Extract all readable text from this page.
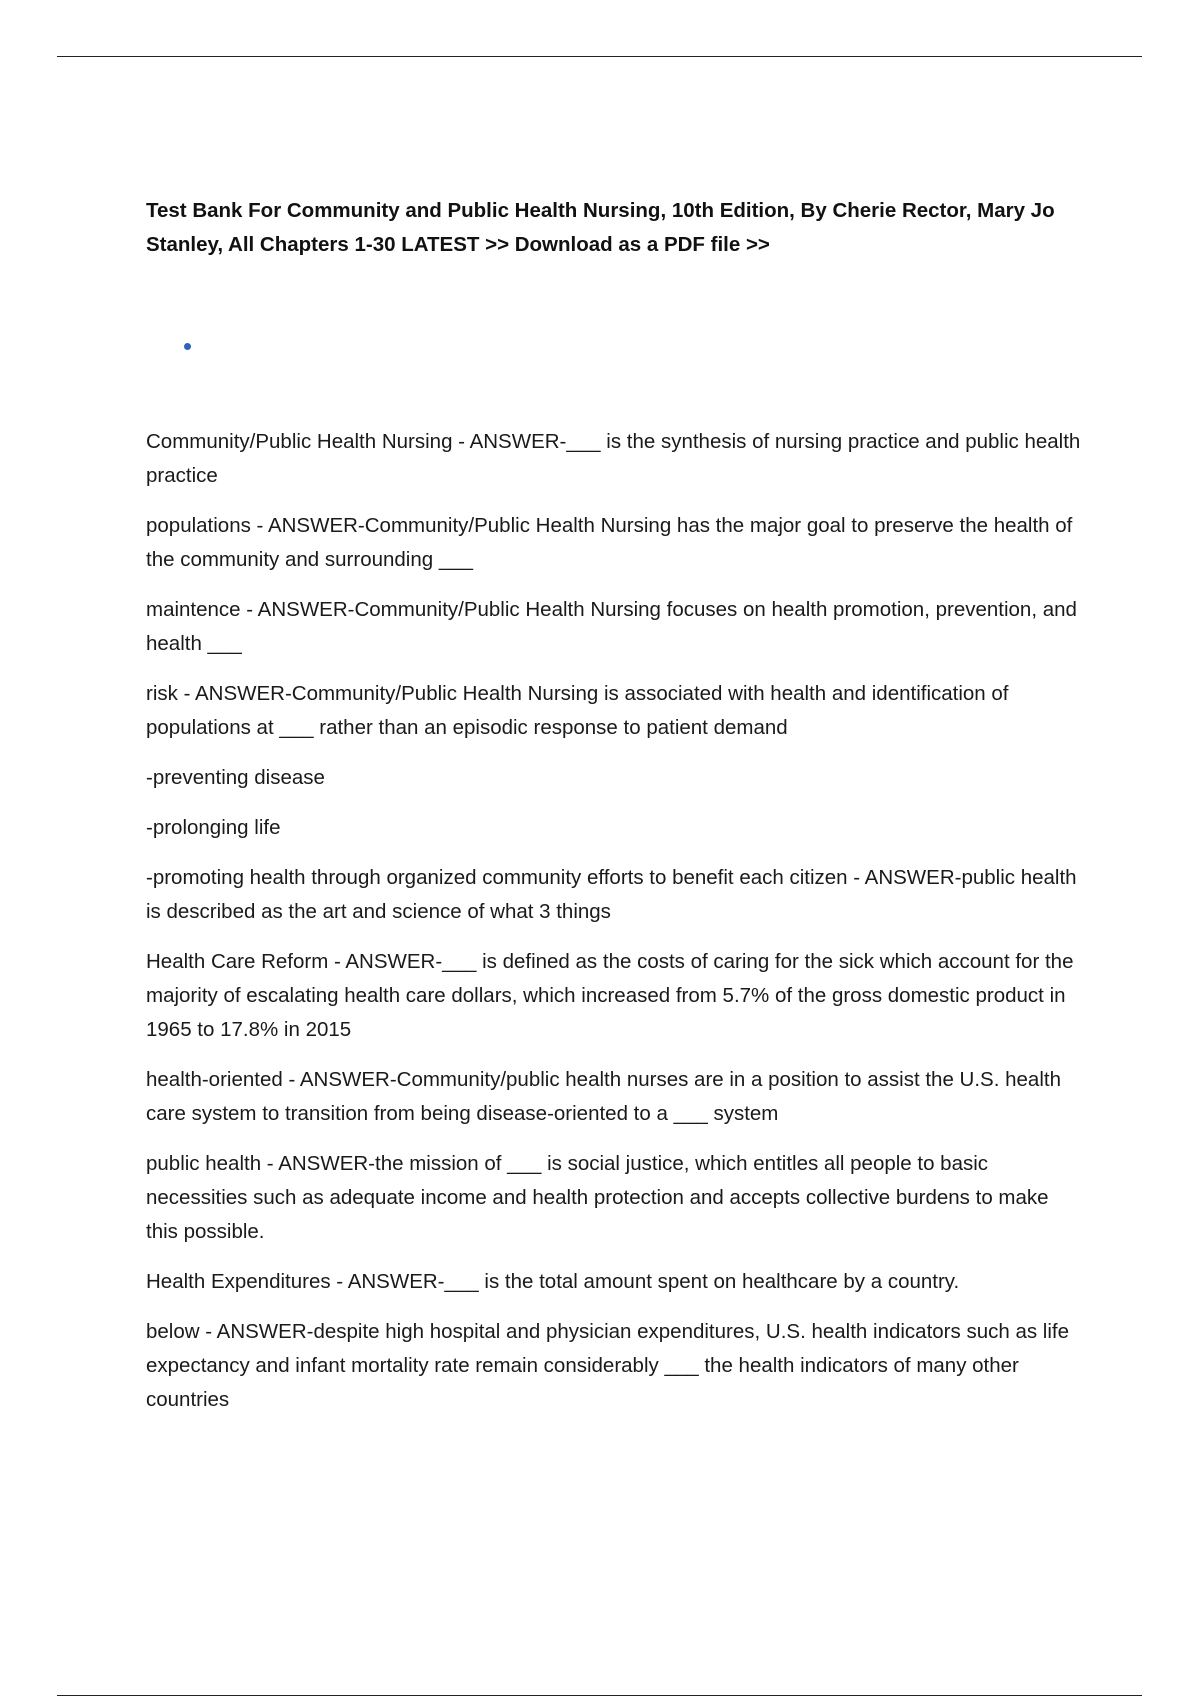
Test Bank For Community and Public Health Nursing, 10th Edition, By Cherie Rector, Mary Jo Stanley, All Chapters 1-30 LATEST >> Download as a PDF file >>

Community/Public Health Nursing - ANSWER-___ is the synthesis of nursing practice and public health practice

populations - ANSWER-Community/Public Health Nursing has the major goal to preserve the health of the community and surrounding ___

maintence - ANSWER-Community/Public Health Nursing focuses on health promotion, prevention, and health ___

risk - ANSWER-Community/Public Health Nursing is associated with health and identification of populations at ___ rather than an episodic response to patient demand

-preventing disease

-prolonging life

-promoting health through organized community efforts to benefit each citizen - ANSWER-public health is described as the art and science of what 3 things

Health Care Reform - ANSWER-___ is defined as the costs of caring for the sick which account for the majority of escalating health care dollars, which increased from 5.7% of the gross domestic product in 1965 to 17.8% in 2015

health-oriented - ANSWER-Community/public health nurses are in a position to assist the U.S. health care system to transition from being disease-oriented to a ___ system

public health - ANSWER-the mission of ___ is social justice, which entitles all people to basic necessities such as adequate income and health protection and accepts collective burdens to make this possible.

Health Expenditures - ANSWER-___ is the total amount spent on healthcare by a country.

below - ANSWER-despite high hospital and physician expenditures, U.S. health indicators such as life expectancy and infant mortality rate remain considerably ___ the health indicators of many other countries
